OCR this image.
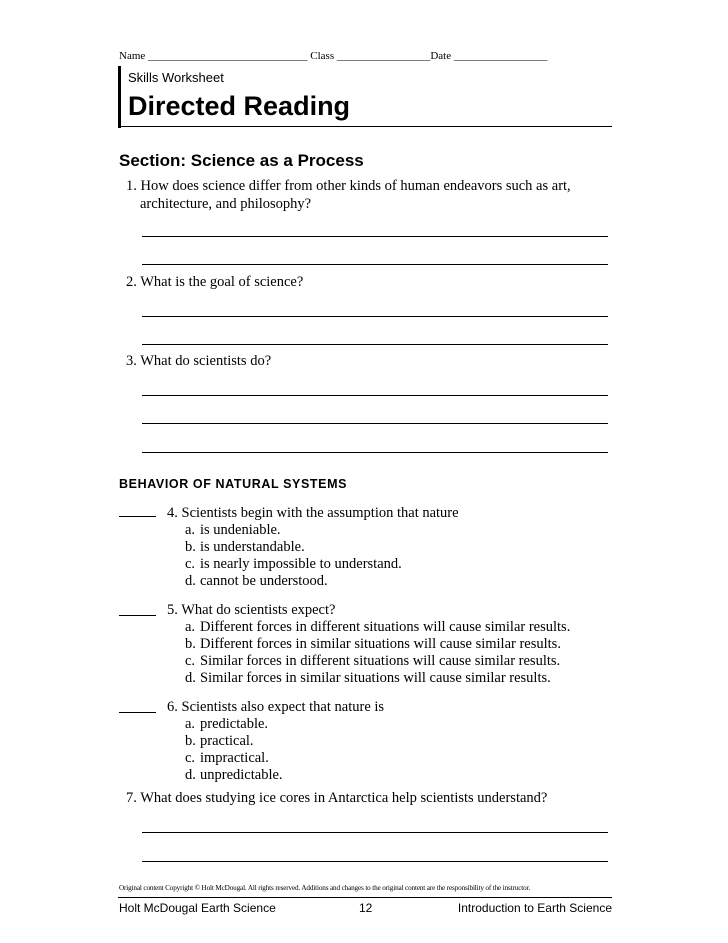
Name _____________________________ Class _________________Date _________________
Skills Worksheet
Directed Reading
Section: Science as a Process
1. How does science differ from other kinds of human endeavors such as art,
architecture, and philosophy?
2. What is the goal of science?
3. What do scientists do?
BEHAVIOR OF NATURAL SYSTEMS
4. Scientists begin with the assumption that nature
a. is undeniable.
b. is understandable.
c. is nearly impossible to understand.
d. cannot be understood.
5. What do scientists expect?
a. Different forces in different situations will cause similar results.
b. Different forces in similar situations will cause similar results.
c. Similar forces in different situations will cause similar results.
d. Similar forces in similar situations will cause similar results.
6. Scientists also expect that nature is
a. predictable.
b. practical.
c. impractical.
d. unpredictable.
7. What does studying ice cores in Antarctica help scientists understand?
Original content Copyright © Holt McDougal. All rights reserved. Additions and changes to the original content are the responsibility of the instructor.
Holt McDougal Earth Science	12	Introduction to Earth Science
